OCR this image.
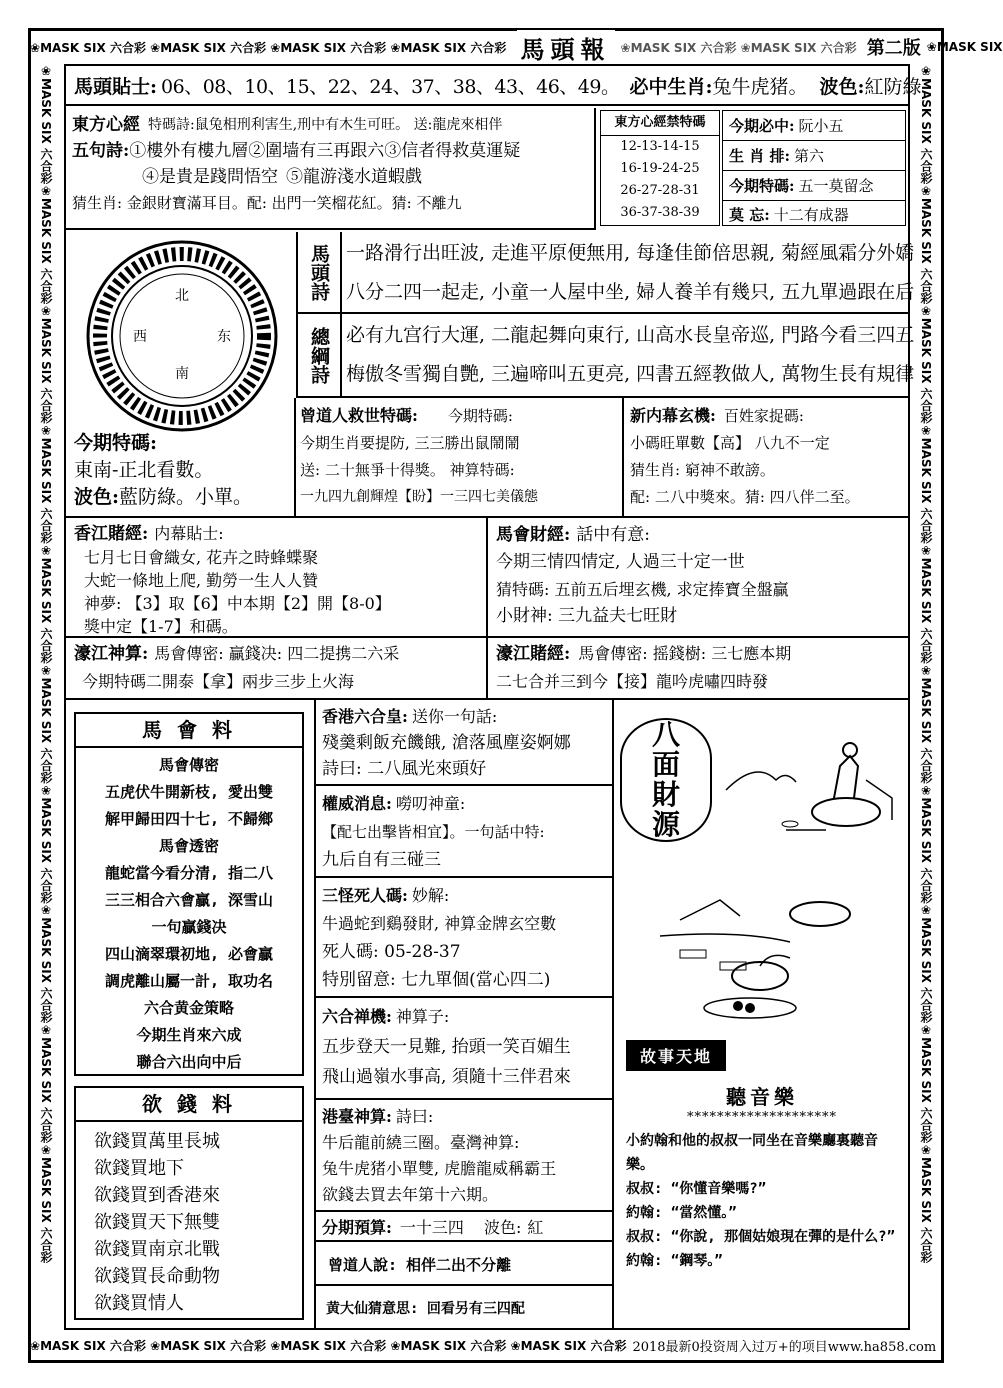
❀MASK SIX 六合彩 ❀MASK SIX 六合彩 ❀MASK SIX 六合彩 ❀MASK SIX 六合彩 馬頭報 ❀MASK SIX 六合彩 ❀MASK SIX 六合彩 第二版 ❀MASK SIX
❀MASK SIX 六合彩 ❀MASK SIX 六合彩 ❀MASK SIX 六合彩 ❀MASK SIX 六合彩 ❀MASK SIX 六合彩 2018最新0投资周入过万+的项目www.ha858.com
❀MASK SIX 六合彩❀MASK SIX 六合彩❀MASK SIX 六合彩❀MASK SIX 六合彩❀MASK SIX 六合彩❀MASK SIX 六合彩❀MASK SIX 六合彩❀MASK SIX 六合彩❀MASK SIX 六合彩❀MASK SIX 六合彩
❀MASK SIX 六合彩❀MASK SIX 六合彩❀MASK SIX 六合彩❀MASK SIX 六合彩❀MASK SIX 六合彩❀MASK SIX 六合彩❀MASK SIX 六合彩❀MASK SIX 六合彩❀MASK SIX 六合彩❀MASK SIX 六合彩
馬頭貼士: 06、08、10、15、22、24、37、38、43、46、49。 必中生肖: 兔牛虎猪。 波色: 紅防綠
東方心經 特碼詩:鼠兔相刑利害生,刑中有木生可旺。 送:龍虎來相伴
五句詩: ①樓外有樓九層 ②圍墙有三再跟六 ③信者得救莫運疑
④是貴是踐問悟空 ⑤龍游淺水道蝦戲
猜生肖: 金銀財寶滿耳目。配: 出門一笑榴花紅。猜: 不離九
東方心經禁特碼
12-13-14-15
16-19-24-25
26-27-28-31
36-37-38-39
今期必中: 阮小五
生 肖 排: 第六
今期特碼: 五一莫留念
莫 忘: 十二有成器
北
西	东
南
馬頭詩 一路滑行出旺波, 走進平原便無用, 每逢佳節倍思親, 菊經風霜分外嬌
八分二四一起走, 小童一人屋中坐, 婦人養羊有幾只, 五九單過跟在后
總綱詩 必有九宫行大運, 二龍起舞向東行, 山高水長皇帝巡, 門路今看三四五
梅傲冬雪獨自艷, 三遍啼叫五更亮, 四書五經教做人, 萬物生長有規律
今期特碼:
東南-正北看數。
波色:藍防綠。小單。
曾道人救世特碼: 今期特碼:
今期生肖要提防, 三三勝出鼠鬧鬧
送: 二十無爭十得獎。 神算特碼:
一九四九創輝煌【盼】一三四七美儀態
新内幕玄機: 百姓家捉碼:
小碼旺單數【高】 八九不一定
猜生肖: 窮神不敢謗。
配: 二八中獎來。猜: 四八伴二至。
香江賭經: 内幕貼士:
七月七日會織女, 花卉之時蜂蝶聚
大蛇一條地上爬, 勤勞一生人人贊
神夢: 【3】取【6】中本期【2】開【8-0】
獎中定【1-7】和碼。
馬會財經: 話中有意:
今期三情四情定, 人過三十定一世
猜特碼: 五前五后埋玄機, 求定捧寶全盤贏
小財神: 三九益夫七旺財
濠江神算: 馬會傳密: 贏錢决: 四二提携二六采
今期特碼二開泰【拿】兩步三步上火海
濠江賭經: 馬會傳密: 摇錢樹: 三七應本期
二七合并三到今【接】龍吟虎嘯四時發
馬 會 料
馬會傳密
五虎伏牛開新枝, 愛出雙
解甲歸田四十七, 不歸鄉
馬會透密
龍蛇當今看分清, 指二八
三三相合六會贏, 深雪山
一句贏錢决
四山滴翠環初地, 必會贏
調虎離山屬一計, 取功名
六合黄金策略
今期生肖來六成
聯合六出向中后
欲 錢 料
欲錢買萬里長城
欲錢買地下
欲錢買到香港來
欲錢買天下無雙
欲錢買南京北戰
欲錢買長命動物
欲錢買情人
香港六合皇: 送你一句話:
殘羹剩飯充饑餓, 滄落風塵姿婀娜
詩曰: 二八風光來頭好
權威消息: 嘮叨神童:
【配七出擊皆相宜】。一句話中特:
九后自有三碰三
三怪死人碼: 妙解:
牛過蛇到鷄發財, 神算金牌玄空數
死人碼: 05-28-37
特別留意: 七九單個(當心四二)
六合禅機: 神算子:
五步登天一見難, 抬頭一笑百媚生
飛山過嶺水事高, 須隨十三伴君來
港臺神算: 詩曰:
牛后龍前繞三圈。臺灣神算:
兔牛虎猪小單雙, 虎膽龍威稱霸王
欲錢去買去年第十六期。
分期預算: 一十三四 波色: 紅
曾道人說: 相伴二出不分離
黄大仙猜意思: 回看另有三四配
八
面
財
源
故事天地
聽音樂
********************
小約翰和他的叔叔一同坐在音樂廳裏聽音樂。
叔叔: “你懂音樂嗎?”
約翰: “當然懂。”
叔叔: “你說, 那個姑娘現在彈的是什么?”
約翰: “鋼琴。”
